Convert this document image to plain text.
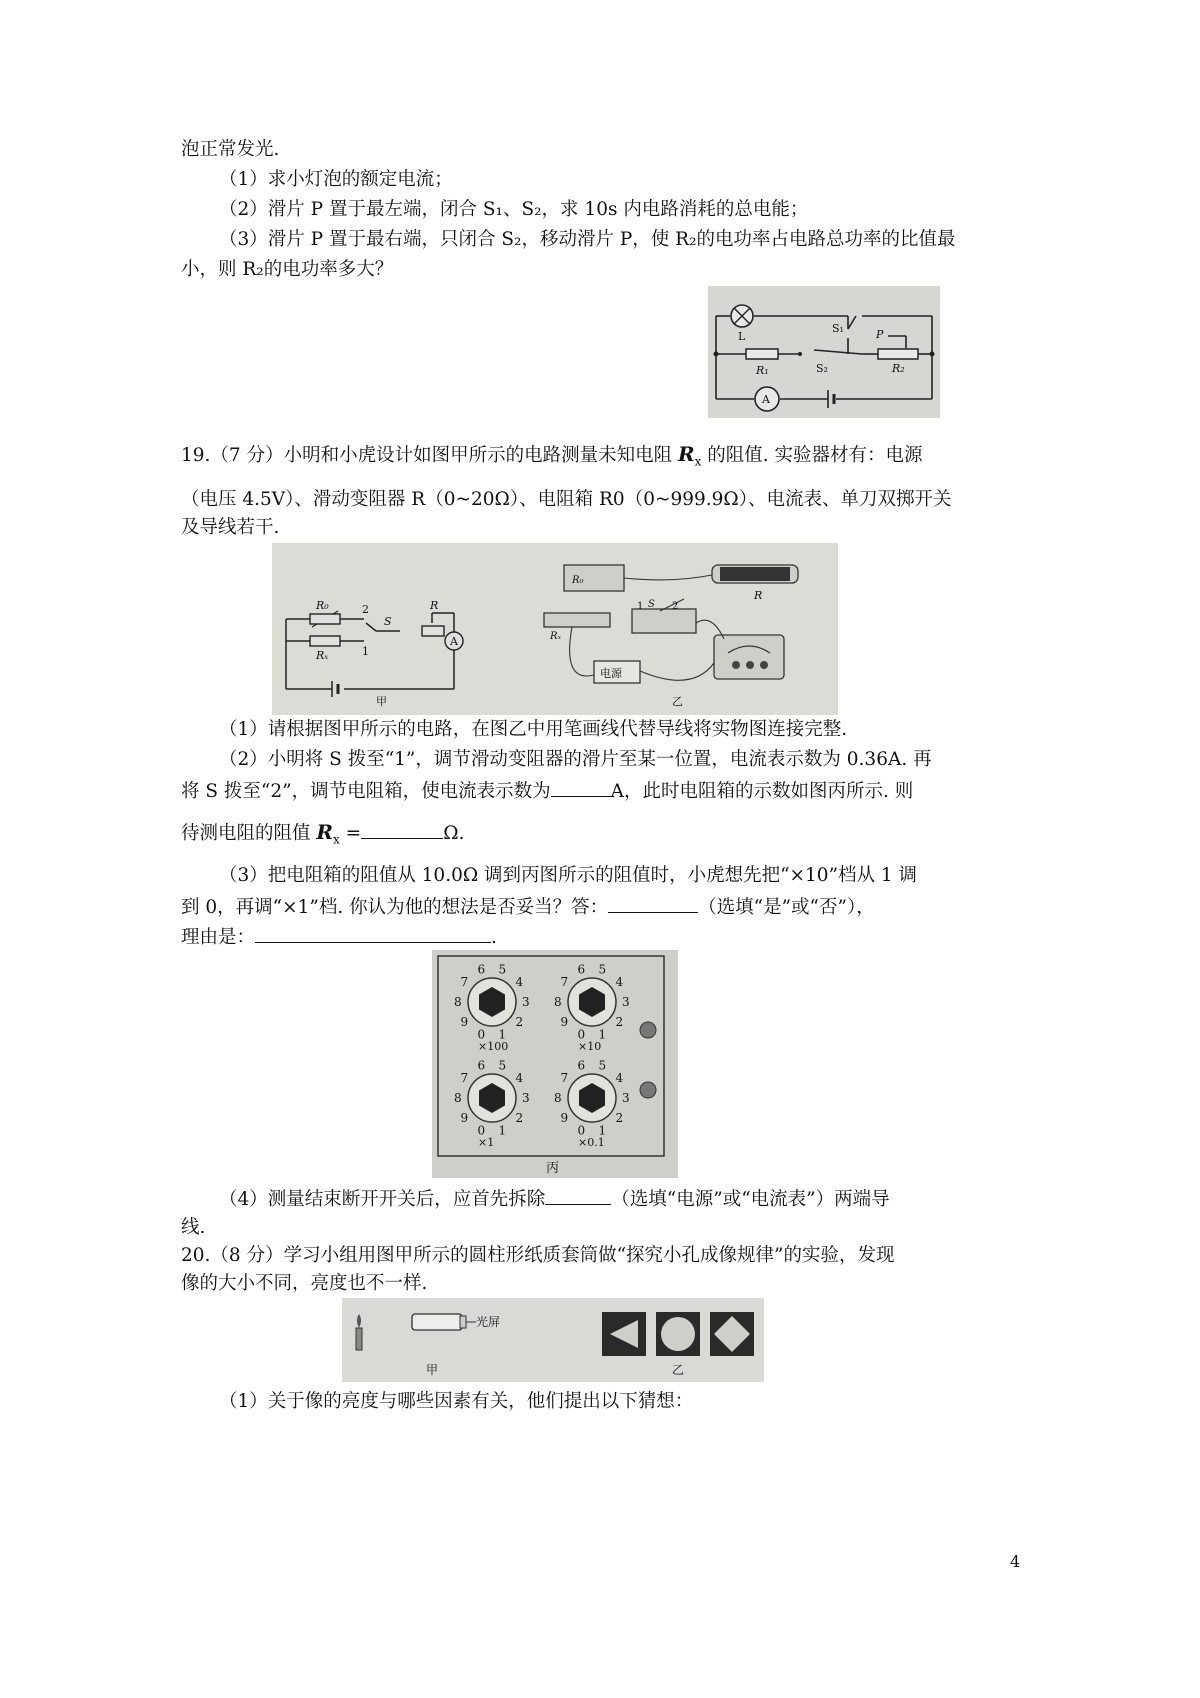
泡正常发光.
（1）求小灯泡的额定电流；
（2）滑片 P 置于最左端，闭合 S₁、S₂，求 10s 内电路消耗的总电能；
（3）滑片 P 置于最右端，只闭合 S₂，移动滑片 P，使 R₂的电功率占电路总功率的比值最
小，则 R₂的电功率多大？
A
L
S₁
S₂
P
R₁	R₂
19.（7 分）小明和小虎设计如图甲所示的电路测量未知电阻 $R_x$ 的阻值. 实验器材有：电源
（电压 4.5V）、滑动变阻器 R（0~20Ω）、电阻箱 R0（0~999.9Ω）、电流表、单刀双掷开关
及导线若干.
A
R₀
Rₓ
2
1
S
R
甲
R₀
Rₓ
R
S
1	2
电源
乙
（1）请根据图甲所示的电路，在图乙中用笔画线代替导线将实物图连接完整.
（2）小明将 S 拨至“1”，调节滑动变阻器的滑片至某一位置，电流表示数为 0.36A. 再
将 S 拨至“2”，调节电阻箱，使电流表示数为	A，此时电阻箱的示数如图丙所示. 则
待测电阻的阻值 $R_x$ =	Ω.
（3）把电阻箱的阻值从 10.0Ω 调到丙图所示的阻值时，小虎想先把“×10”档从 1 调
到 0，再调“×1”档. 你认为他的想法是否妥当？答：	（选填“是”或“否”），
理由是：	.
丙
0 1
2
3
4
5
6
7
8
9
×100
0 1
2
3
4
5
6
7
8
9
×10
0 1
2
3
4
5
6
7
8
9
×1
0 1
2
3
4
5
6
7
8
9
×0.1
（4）测量结束断开开关后，应首先拆除	（选填“电源”或“电流表”）两端导
线.
20.（8 分）学习小组用图甲所示的圆柱形纸质套筒做“探究小孔成像规律”的实验，发现
像的大小不同，亮度也不一样.
光屏
甲	乙
（1）关于像的亮度与哪些因素有关，他们提出以下猜想：
4
